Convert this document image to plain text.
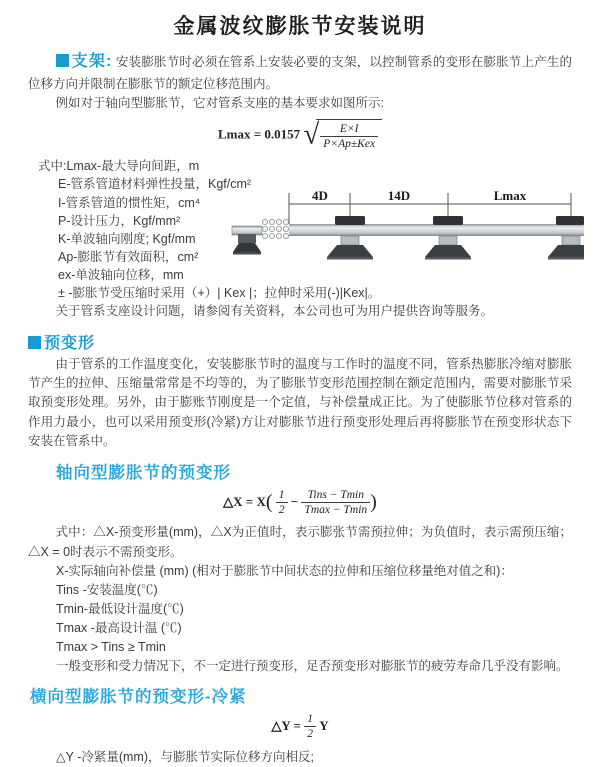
金属波纹膨胀节安装说明

支架: 安装膨胀节时必须在管系上安装必要的支架，以控制管系的变形在膨胀节上产生的位移方向并限制在膨胀节的额定位移范围内。

例如对于轴向型膨胀节，它对管系支座的基本要求如图所示:

Lmax = 0.0157 √ $\frac{E\times I}{\text{P×Ap±Kex}}$
式中:Lmax-最大导向间距，m
E-管系管道材料弹性投量，Kgf/cm²
I-管系管道的惯性矩，cm⁴
P-设计压力，Kgf/mm²
K-单波轴向刚度; Kgf/mm
Ap-膨胀节有效面积，cm²
ex-单波轴向位移，mm
± -膨胀节受压缩时采用（+）| Kex |；拉伸时采用(-)|Kex|。

关于管系支座设计问题，请参阅有关资料，本公司也可为用户提供咨询等服务。

4D	14D	Lmax
预变形

由于管系的工作温度变化，安装膨胀节时的温度与工作时的温度不同，管系热膨胀冷缩对膨胀节产生的拉伸、压缩量常常是不均等的，为了膨胀节变形范围控制在额定范围内，需要对膨胀节采取预变形处理。另外，由于膨账节刚度是一个定值，与补偿量成正比。为了使膨胀节位移对管系的作用力最小，也可以采用预变形(冷紧)方让对膨胀节进行预变形处理后再将膨胀节在预变形状态下安装在管系中。

轴向型膨胀节的预变形
△X = $X( \frac{1}{2} - \frac{\text{Tins − Tmin}}{Tmax - Tmin}$ )

式中：△X-预变形量(mm)，△X为正值时，表示膨张节需预拉伸；为负值时，表示需预压缩；△X = 0时表示不需预变形。

X-实际轴向补偿量 (mm) (相对于膨胀节中间状态的拉伸和压缩位移量绝对值之和)：
Tins -安装温度(℃)
Tmin-最低设计温度(℃)
Tmax -最高设计温 (℃)
Tmax > Tins ≥ Tmin
一般变形和受力情况下，不一定进行预变形，足否预变形对膨胀节的疲劳寿命几乎没有影响。
横向型膨胀节的预变形-冷紧
△Y = $\frac{1}{2}$ Y
△Y -冷紧量(mm)，与膨胀节实际位移方向相反;
